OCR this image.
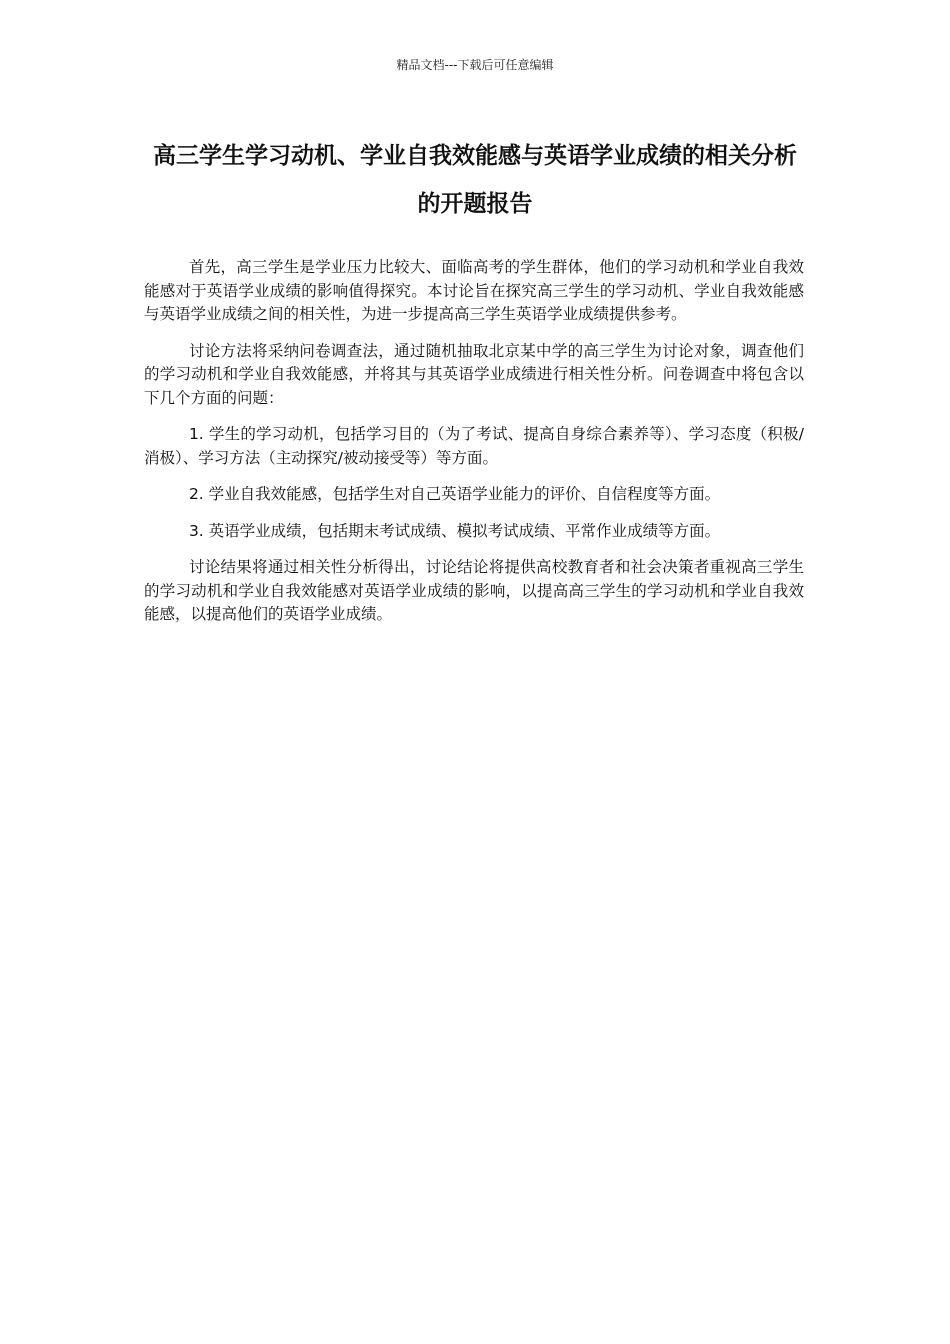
精品文档---下载后可任意编辑
高三学生学习动机、学业自我效能感与英语学业成绩的相关分析的开题报告

首先，高三学生是学业压力比较大、面临高考的学生群体，他们的学习动机和学业自我效能感对于英语学业成绩的影响值得探究。本讨论旨在探究高三学生的学习动机、学业自我效能感与英语学业成绩之间的相关性，为进一步提高高三学生英语学业成绩提供参考。

讨论方法将采纳问卷调查法，通过随机抽取北京某中学的高三学生为讨论对象，调查他们的学习动机和学业自我效能感，并将其与其英语学业成绩进行相关性分析。问卷调查中将包含以下几个方面的问题：

1. 学生的学习动机，包括学习目的（为了考试、提高自身综合素养等）、学习态度（积极/消极）、学习方法（主动探究/被动接受等）等方面。

2. 学业自我效能感，包括学生对自己英语学业能力的评价、自信程度等方面。

3. 英语学业成绩，包括期末考试成绩、模拟考试成绩、平常作业成绩等方面。

讨论结果将通过相关性分析得出，讨论结论将提供高校教育者和社会决策者重视高三学生的学习动机和学业自我效能感对英语学业成绩的影响，以提高高三学生的学习动机和学业自我效能感，以提高他们的英语学业成绩。
